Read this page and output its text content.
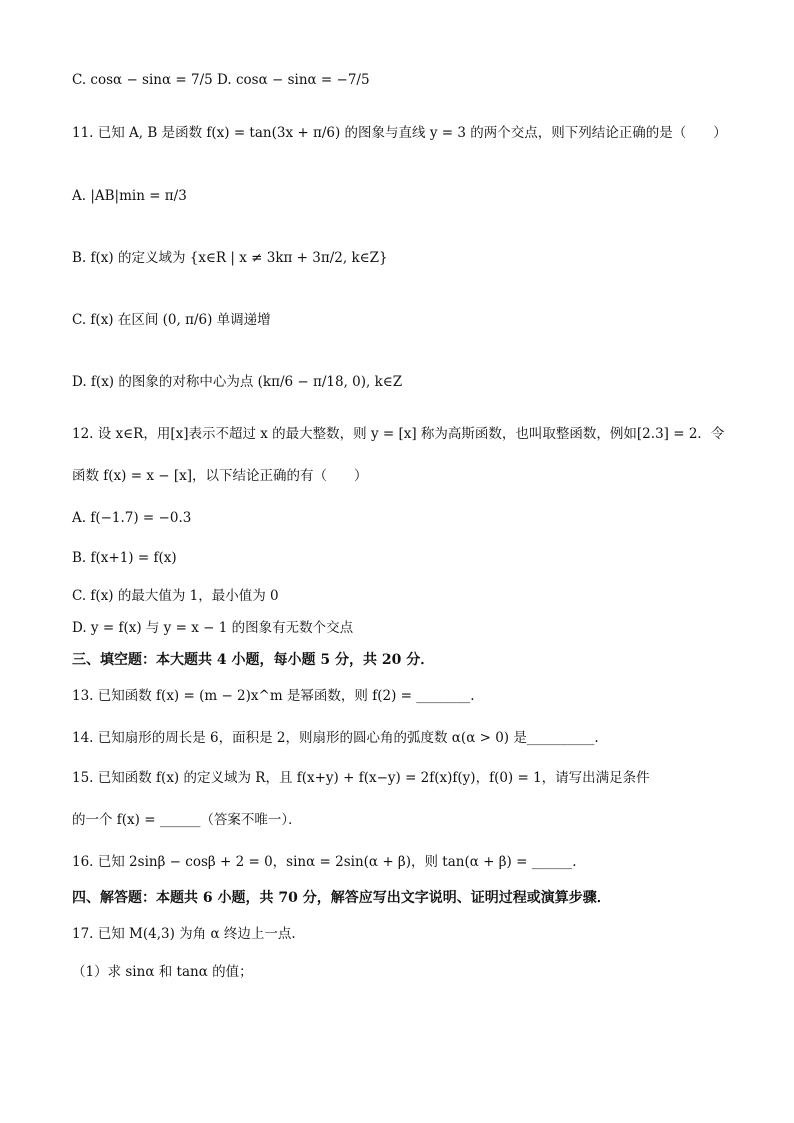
C. cosα − sinα = 7/5 D. cosα − sinα = −7/5
11. 已知 A, B 是函数 f(x) = tan(3x + π/6) 的图象与直线 y = 3 的两个交点，则下列结论正确的是（　　）
A. |AB|min = π/3
B. f(x) 的定义域为 {x∈R | x ≠ 3kπ + 3π/2, k∈Z}
C. f(x) 在区间 (0, π/6) 单调递增
D. f(x) 的图象的对称中心为点 (kπ/6 − π/18, 0), k∈Z
12. 设 x∈R，用[x]表示不超过 x 的最大整数，则 y = [x] 称为高斯函数，也叫取整函数，例如[2.3] = 2．令
函数 f(x) = x − [x]，以下结论正确的有（　　）
A. f(−1.7) = −0.3
B. f(x+1) = f(x)
C. f(x) 的最大值为 1，最小值为 0
D. y = f(x) 与 y = x − 1 的图象有无数个交点
三、填空题：本大题共 4 小题，每小题 5 分，共 20 分．
13. 已知函数 f(x) = (m − 2)x^m 是幂函数，则 f(2) = ________.
14. 已知扇形的周长是 6，面积是 2，则扇形的圆心角的弧度数 α(α > 0) 是__________.
15. 已知函数 f(x) 的定义域为 R，且 f(x+y) + f(x−y) = 2f(x)f(y)，f(0) = 1，请写出满足条件
的一个 f(x) = ______（答案不唯一）．
16. 已知 2sinβ − cosβ + 2 = 0，sinα = 2sin(α + β)，则 tan(α + β) = ______.
四、解答题：本题共 6 小题，共 70 分，解答应写出文字说明、证明过程或演算步骤．
17. 已知 M(4,3) 为角 α 终边上一点.
（1）求 sinα 和 tanα 的值；
